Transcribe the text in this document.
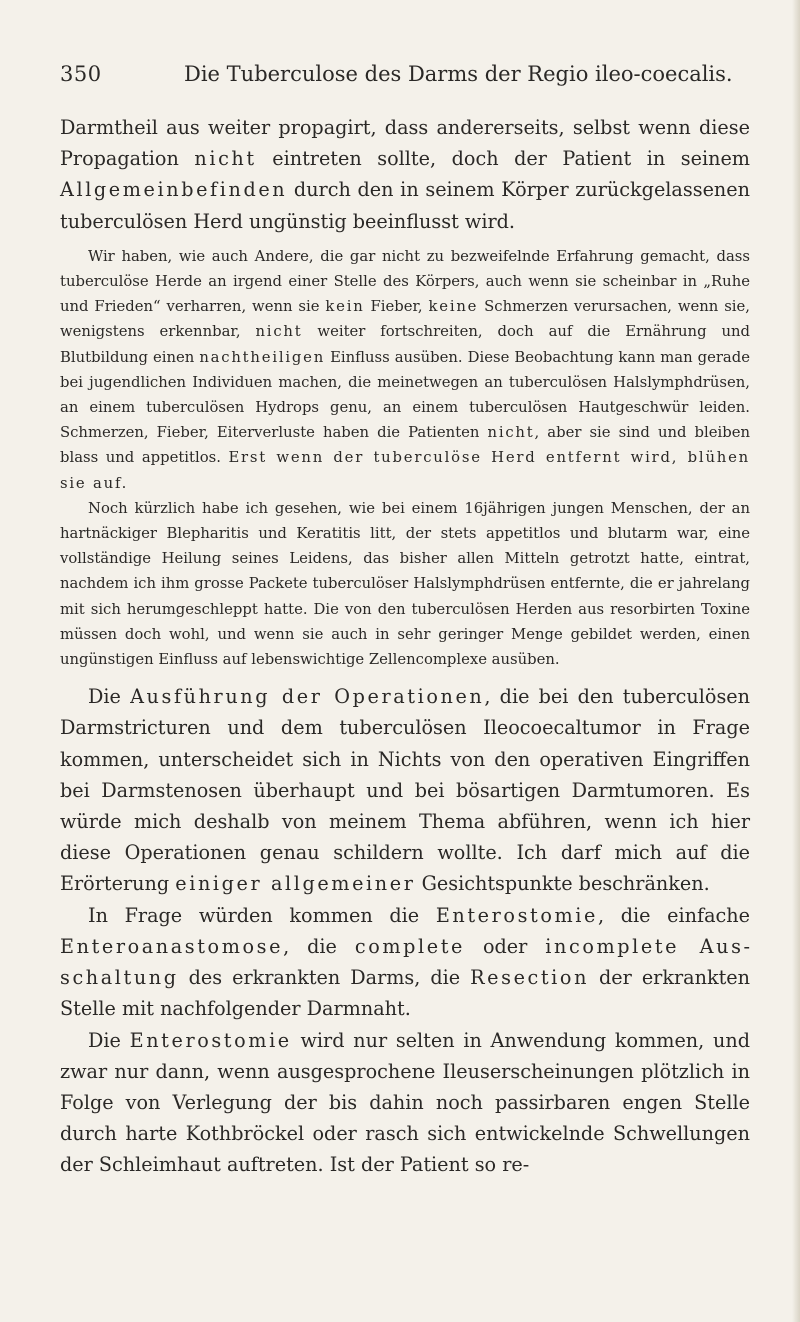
350	Die Tuberculose des Darms der Regio ileo-coecalis.

Darmtheil aus weiter propagirt, dass andererseits, selbst wenn diese Propagation nicht eintreten sollte, doch der Patient in seinem Allgemeinbefinden durch den in seinem Körper zurückgelassenen tuberculösen Herd ungünstig beeinflusst wird.

Wir haben, wie auch Andere, die gar nicht zu bezweifelnde Erfahrung gemacht, dass tuberculöse Herde an irgend einer Stelle des Körpers, auch wenn sie scheinbar in „Ruhe und Frieden“ verharren, wenn sie kein Fieber, keine Schmerzen verursachen, wenn sie, wenigstens erkennbar, nicht weiter fortschreiten, doch auf die Ernährung und Blutbildung einen nachtheiligen Einfluss ausüben. Diese Beobachtung kann man gerade bei jugendlichen Individuen machen, die meinetwegen an tuberculösen Halslymphdrüsen, an einem tuberculösen Hydrops genu, an einem tuberculösen Hautgeschwür leiden. Schmerzen, Fieber, Eiterverluste haben die Patienten nicht, aber sie sind und bleiben blass und appetitlos. Erst wenn der tuberculöse Herd entfernt wird, blühen sie auf.

Noch kürzlich habe ich gesehen, wie bei einem 16jährigen jungen Menschen, der an hartnäckiger Blepharitis und Keratitis litt, der stets appetitlos und blutarm war, eine vollständige Heilung seines Leidens, das bisher allen Mitteln getrotzt hatte, eintrat, nachdem ich ihm grosse Packete tuberculöser Halslymphdrüsen entfernte, die er jahrelang mit sich herumgeschleppt hatte. Die von den tuberculösen Herden aus resorbirten Toxine müssen doch wohl, und wenn sie auch in sehr geringer Menge gebildet werden, einen ungünstigen Einfluss auf lebenswichtige Zellencomplexe ausüben.

Die Ausführung der Operationen, die bei den tuberculösen Darmstricturen und dem tuberculösen Ileocoecaltumor in Frage kommen, unterscheidet sich in Nichts von den operativen Eingriffen bei Darmstenosen überhaupt und bei bösartigen Darmtumoren. Es würde mich deshalb von meinem Thema abführen, wenn ich hier diese Operationen genau schildern wollte. Ich darf mich auf die Erörterung einiger allgemeiner Gesichtspunkte beschränken.

In Frage würden kommen die Enterostomie, die einfache Enteroanastomose, die complete oder incomplete Ausschaltung des erkrankten Darms, die Resection der erkrankten Stelle mit nachfolgender Darmnaht.

Die Enterostomie wird nur selten in Anwendung kommen, und zwar nur dann, wenn ausgesprochene Ileuserscheinungen plötzlich in Folge von Verlegung der bis dahin noch passirbaren engen Stelle durch harte Kothbröckel oder rasch sich entwickelnde Schwellungen der Schleimhaut auftreten. Ist der Patient so re-
